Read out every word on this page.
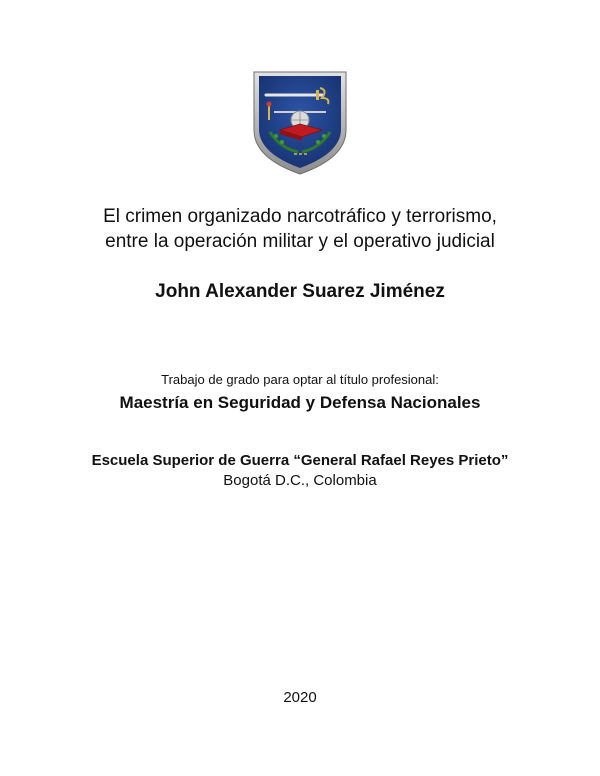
El crimen organizado narcotráfico y terrorismo,
entre la operación militar y el operativo judicial
John Alexander Suarez Jiménez
Trabajo de grado para optar al título profesional:
Maestría en Seguridad y Defensa Nacionales
Escuela Superior de Guerra “General Rafael Reyes Prieto”
Bogotá D.C., Colombia
2020
